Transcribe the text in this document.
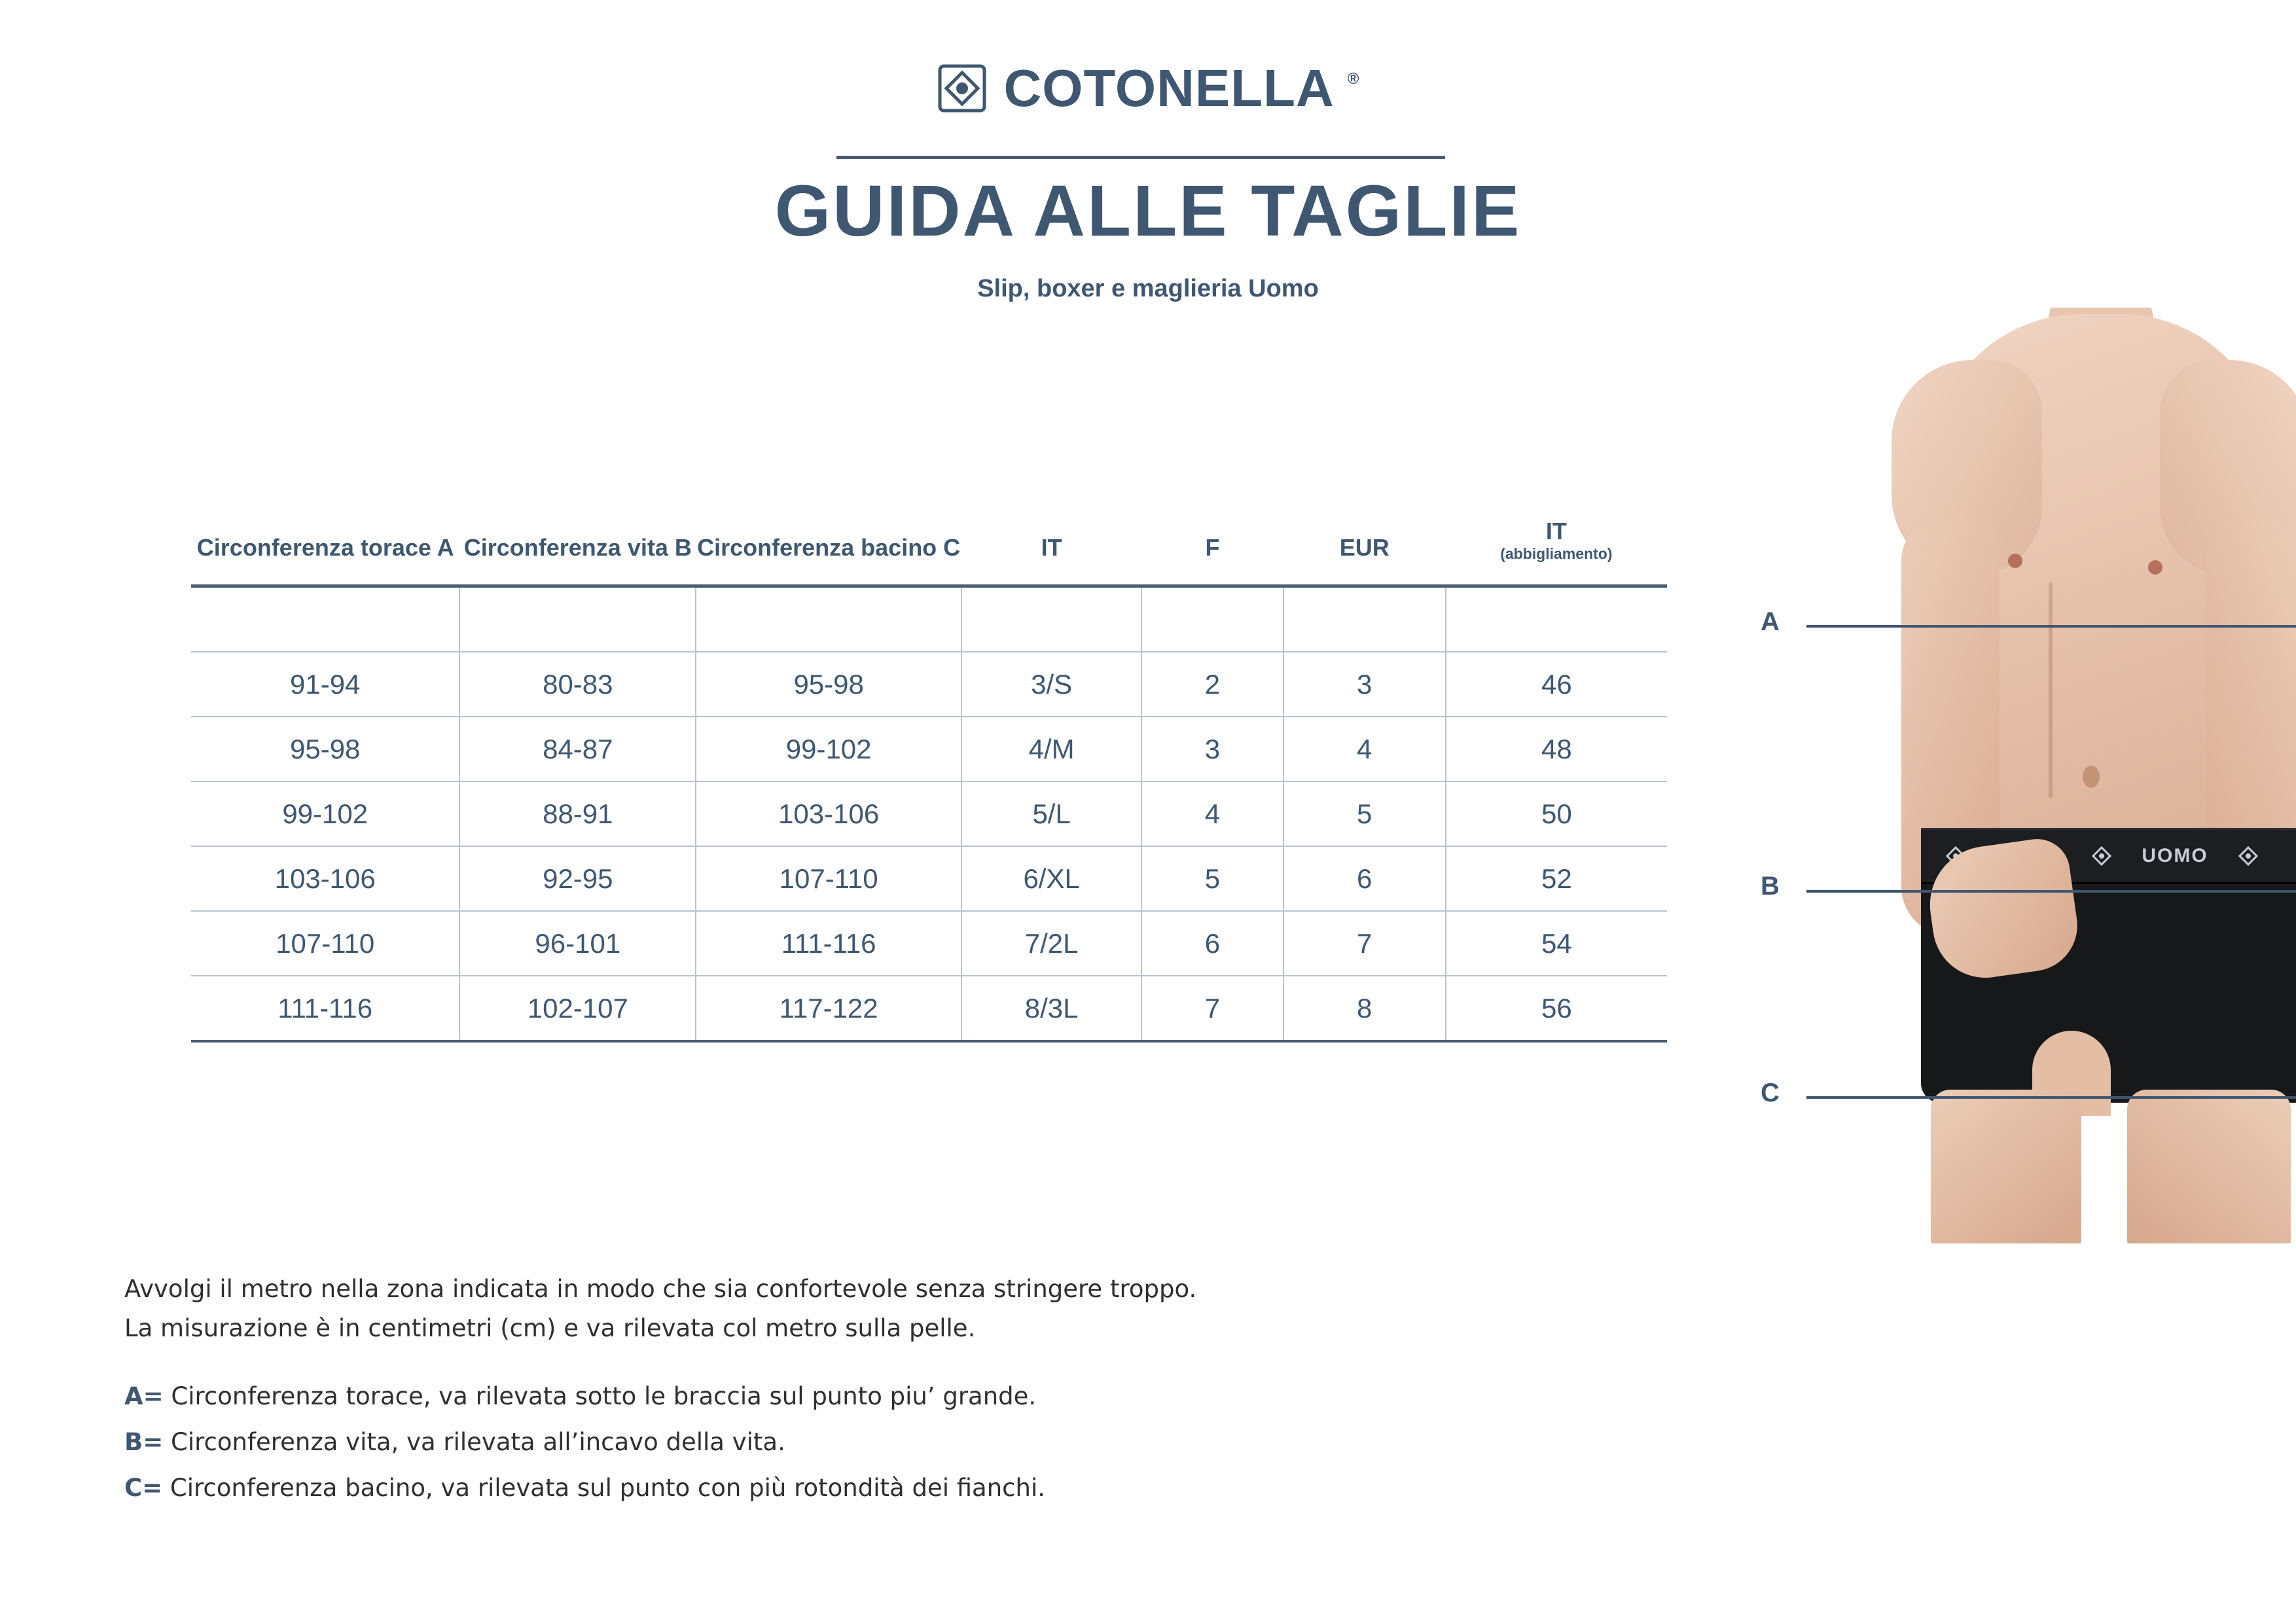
COTONELLA ®
GUIDA ALLE TAGLIE
Slip, boxer e maglieria Uomo
Circonferenza torace A	Circonferenza vita B	Circonferenza bacino C	IT	F	EUR	IT
(abbigliamento)

91-94	80-83	95-98	3/S	2	3	46
95-98	84-87	99-102	4/M	3	4	48
99-102	88-91	103-106	5/L	4	5	50
103-106	92-95	107-110	6/XL	5	6	52
107-110	96-101	111-116	7/2L	6	7	54
111-116	102-107	117-122	8/3L	7	8	56
Avvolgi il metro nella zona indicata in modo che sia confortevole senza stringere troppo.
La misurazione è in centimetri (cm) e va rilevata col metro sulla pelle.
A= Circonferenza torace, va rilevata sotto le braccia sul punto piu’ grande.
B= Circonferenza vita, va rilevata all’incavo della vita.
C= Circonferenza bacino, va rilevata sul punto con più rotondità dei fianchi.
UOMO
A
B
C
